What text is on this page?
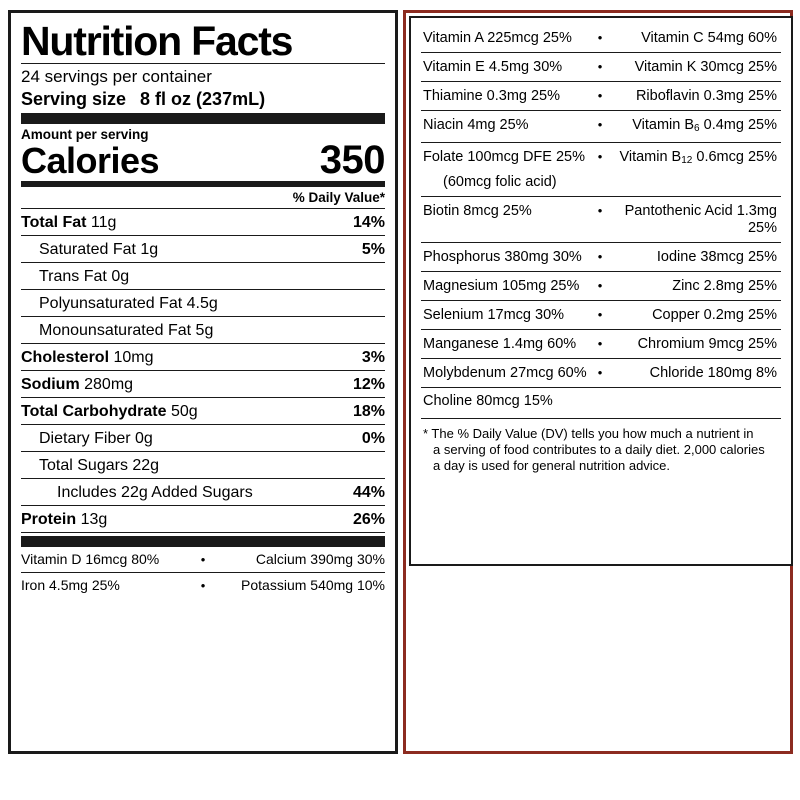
Nutrition Facts
24 servings per container
Serving size 8 fl oz (237mL)
Amount per serving
Calories	350
% Daily Value*
Total Fat 11g	14%
Saturated Fat 1g	5%
Trans Fat 0g
Polyunsaturated Fat 4.5g
Monounsaturated Fat 5g
Cholesterol 10mg	3%
Sodium 280mg	12%
Total Carbohydrate 50g	18%
Dietary Fiber 0g	0%
Total Sugars 22g
Includes 22g Added Sugars	44%
Protein 13g	26%
Vitamin D 16mcg 80%	•	Calcium 390mg 30%
Iron 4.5mg 25%	•	Potassium 540mg 10%
Vitamin A 225mcg 25%	•	Vitamin C 54mg 60%
Vitamin E 4.5mg 30%	•	Vitamin K 30mcg 25%
Thiamine 0.3mg 25%	•	Riboflavin 0.3mg 25%
Niacin 4mg 25%	•	Vitamin $B_6$ 0.4mg 25%
Folate 100mcg DFE 25% •	Vitamin $B_{12}$ 0.6mcg 25%
(60mcg folic acid)
Biotin 8mcg 25%	•	Pantothenic Acid 1.3mg 25%
Phosphorus 380mg 30%	•	Iodine 38mcg 25%
Magnesium 105mg 25%	•	Zinc 2.8mg 25%
Selenium 17mcg 30%	•	Copper 0.2mg 25%
Manganese 1.4mg 60%	•	Chromium 9mcg 25%
Molybdenum 27mcg 60% •	Chloride 180mg 8%
Choline 80mcg 15%
* The % Daily Value (DV) tells you how much a nutrient in
a serving of food contributes to a daily diet. 2,000 calories
a day is used for general nutrition advice.
